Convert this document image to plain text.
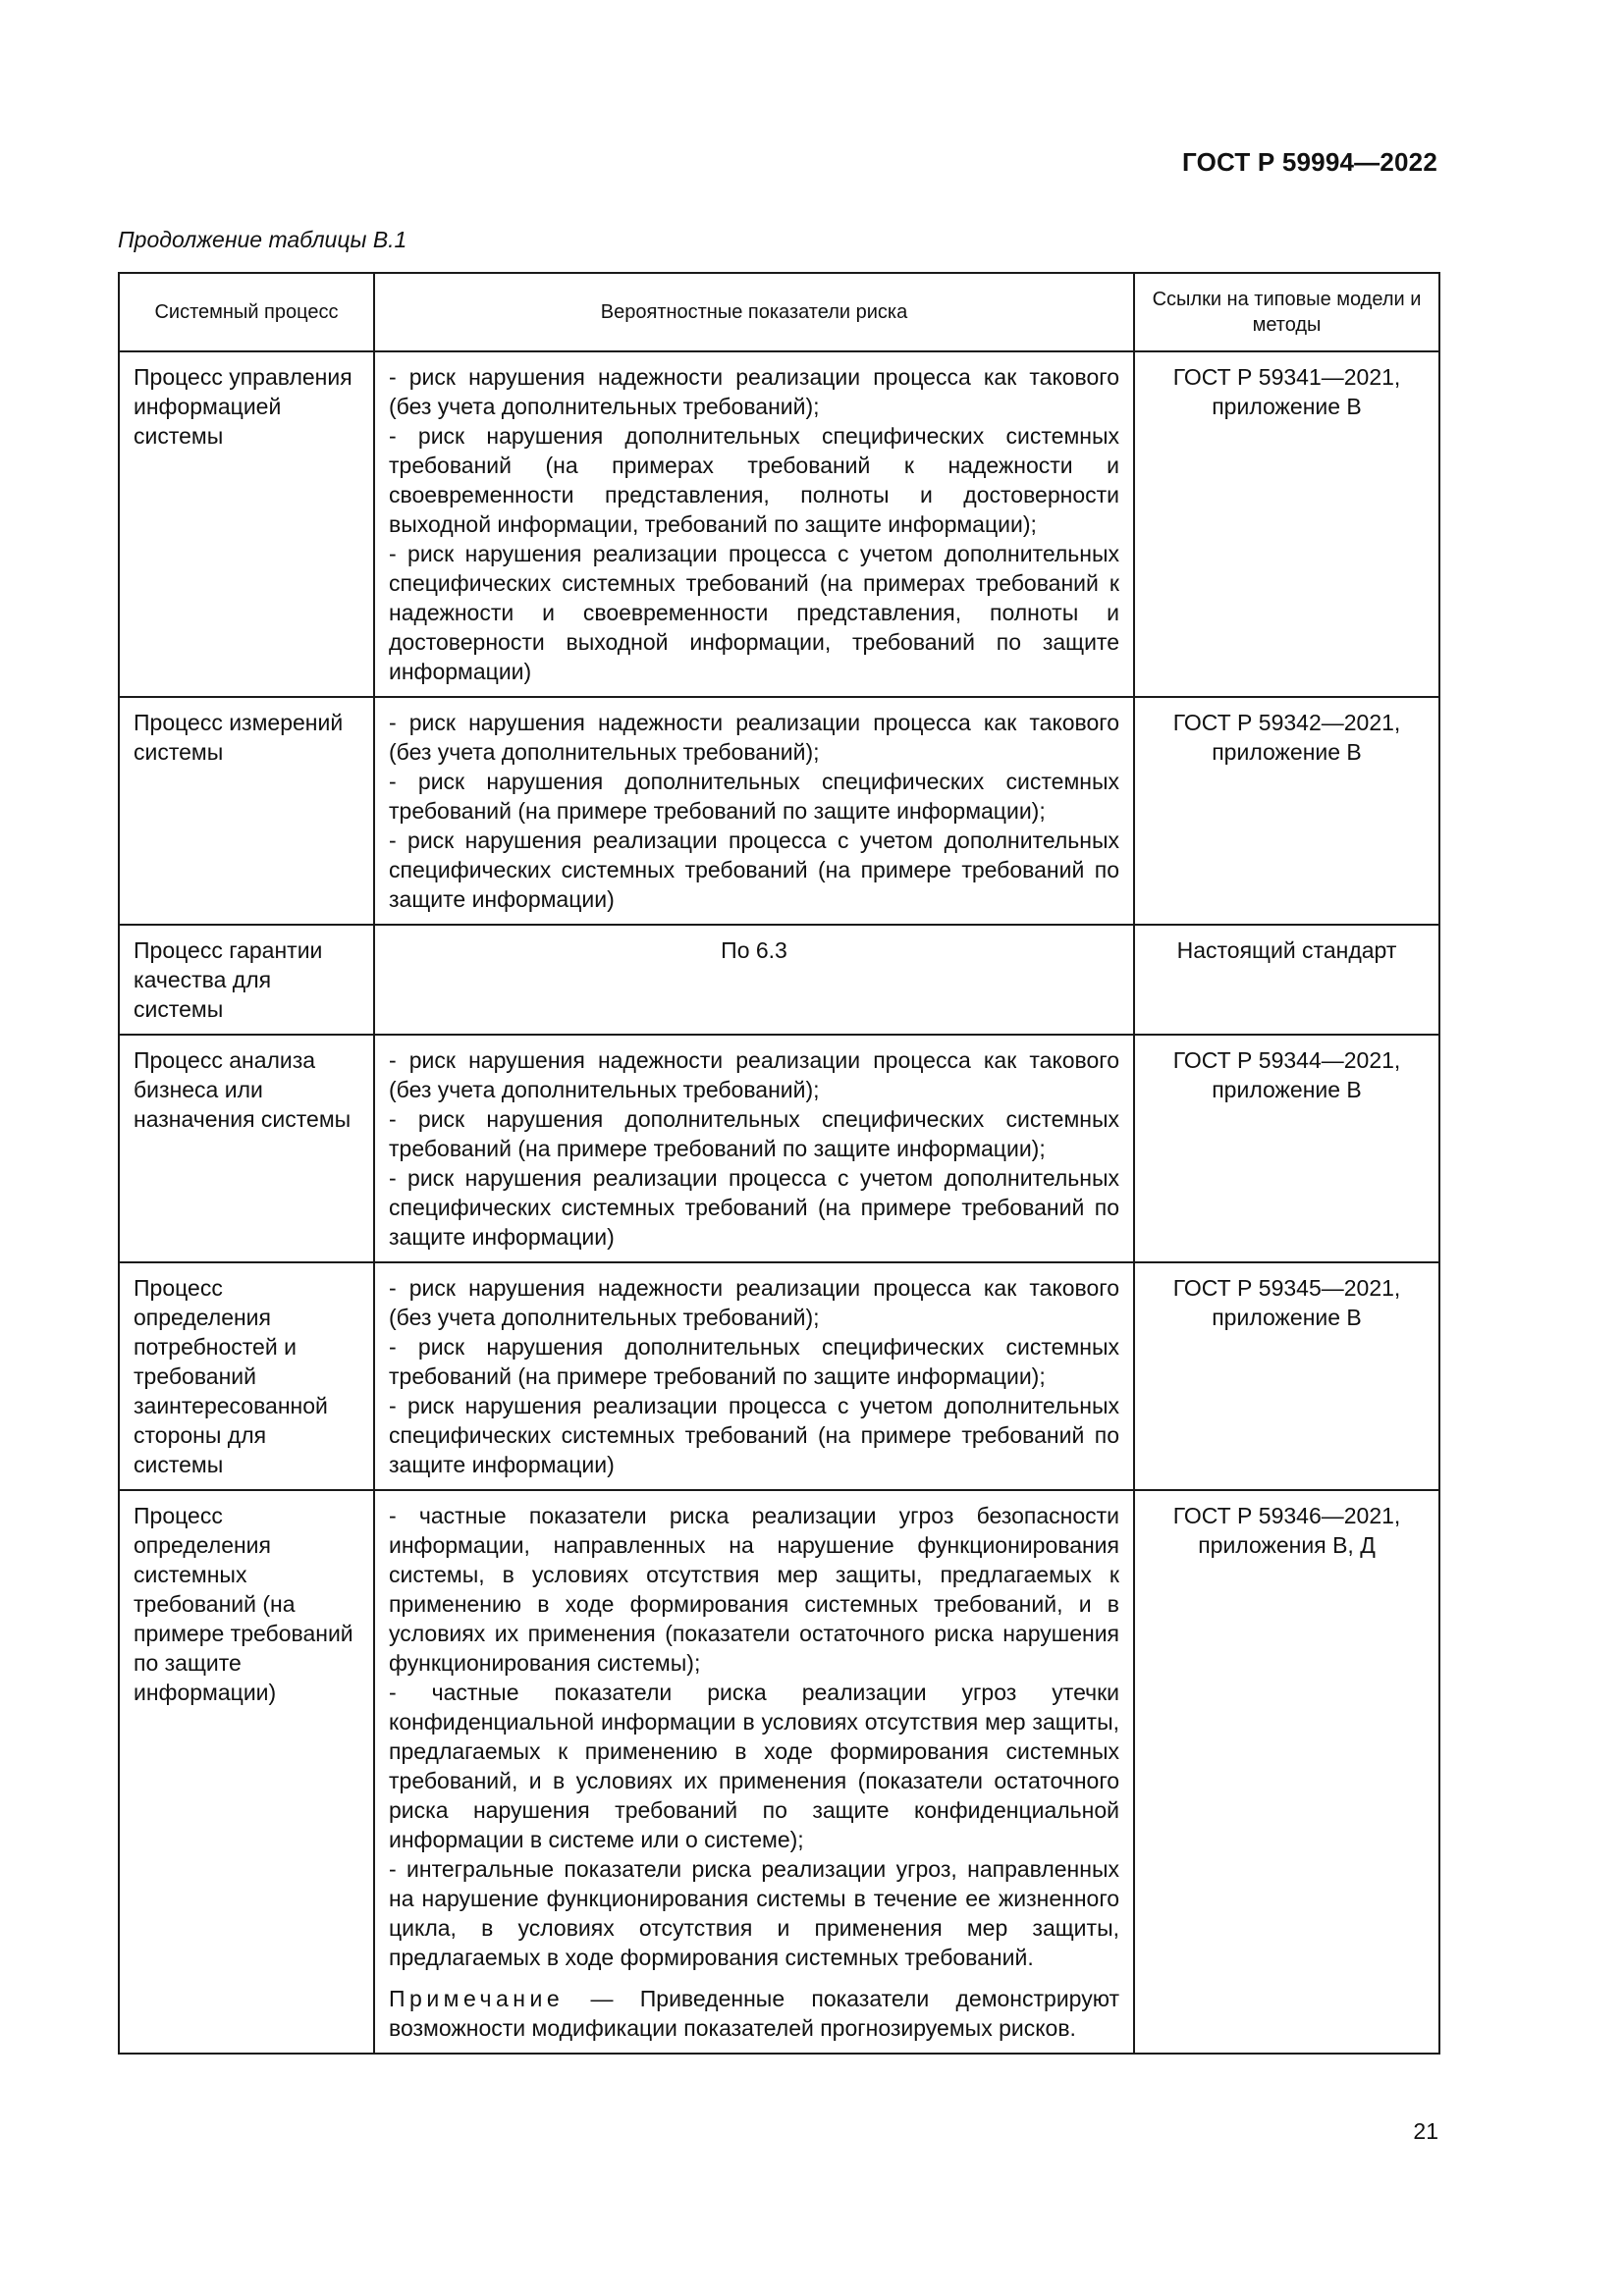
ГОСТ Р 59994—2022
Продолжение таблицы В.1
Системный процесс	Вероятностные показатели риска	Ссылки на типовые модели и методы
Процесс управления информацией системы	- риск нарушения надежности реализации процесса как такового (без учета дополнительных требований);
- риск нарушения дополнительных специфических системных требований (на примерах требований к надежности и своевременности представления, полноты и достоверности выходной информации, требований по защите информации);
- риск нарушения реализации процесса с учетом дополнительных специфических системных требований (на примерах требований к надежности и своевременности представления, полноты и достоверности выходной информации, требований по защите информации)	ГОСТ Р 59341—2021, приложение В
Процесс измерений системы	- риск нарушения надежности реализации процесса как такового (без учета дополнительных требований);
- риск нарушения дополнительных специфических системных требований (на примере требований по защите информации);
- риск нарушения реализации процесса с учетом дополнительных специфических системных требований (на примере требований по защите информации)	ГОСТ Р 59342—2021, приложение В
Процесс гарантии качества для системы	По 6.3	Настоящий стандарт
Процесс анализа бизнеса или назначения системы	- риск нарушения надежности реализации процесса как такового (без учета дополнительных требований);
- риск нарушения дополнительных специфических системных требований (на примере требований по защите информации);
- риск нарушения реализации процесса с учетом дополнительных специфических системных требований (на примере требований по защите информации)	ГОСТ Р 59344—2021, приложение В
Процесс определения потребностей и требований заинтересованной стороны для системы	- риск нарушения надежности реализации процесса как такового (без учета дополнительных требований);
- риск нарушения дополнительных специфических системных требований (на примере требований по защите информации);
- риск нарушения реализации процесса с учетом дополнительных специфических системных требований (на примере требований по защите информации)	ГОСТ Р 59345—2021, приложение В
Процесс определения системных требований (на примере требований по защите информации)	- частные показатели риска реализации угроз безопасности информации, направленных на нарушение функционирования системы, в условиях отсутствия мер защиты, предлагаемых к применению в ходе формирования системных требований, и в условиях их применения (показатели остаточного риска нарушения функционирования системы);
- частные показатели риска реализации угроз утечки конфиденциальной информации в условиях отсутствия мер защиты, предлагаемых к применению в ходе формирования системных требований, и в условиях их применения (показатели остаточного риска нарушения требований по защите конфиденциальной информации в системе или о системе);
- интегральные показатели риска реализации угроз, направленных на нарушение функционирования системы в течение ее жизненного цикла, в условиях отсутствия и применения мер защиты, предлагаемых в ходе формирования системных требований.
Примечание — Приведенные показатели демонстрируют возможности модификации показателей прогнозируемых рисков.	ГОСТ Р 59346—2021, приложения В, Д
21
